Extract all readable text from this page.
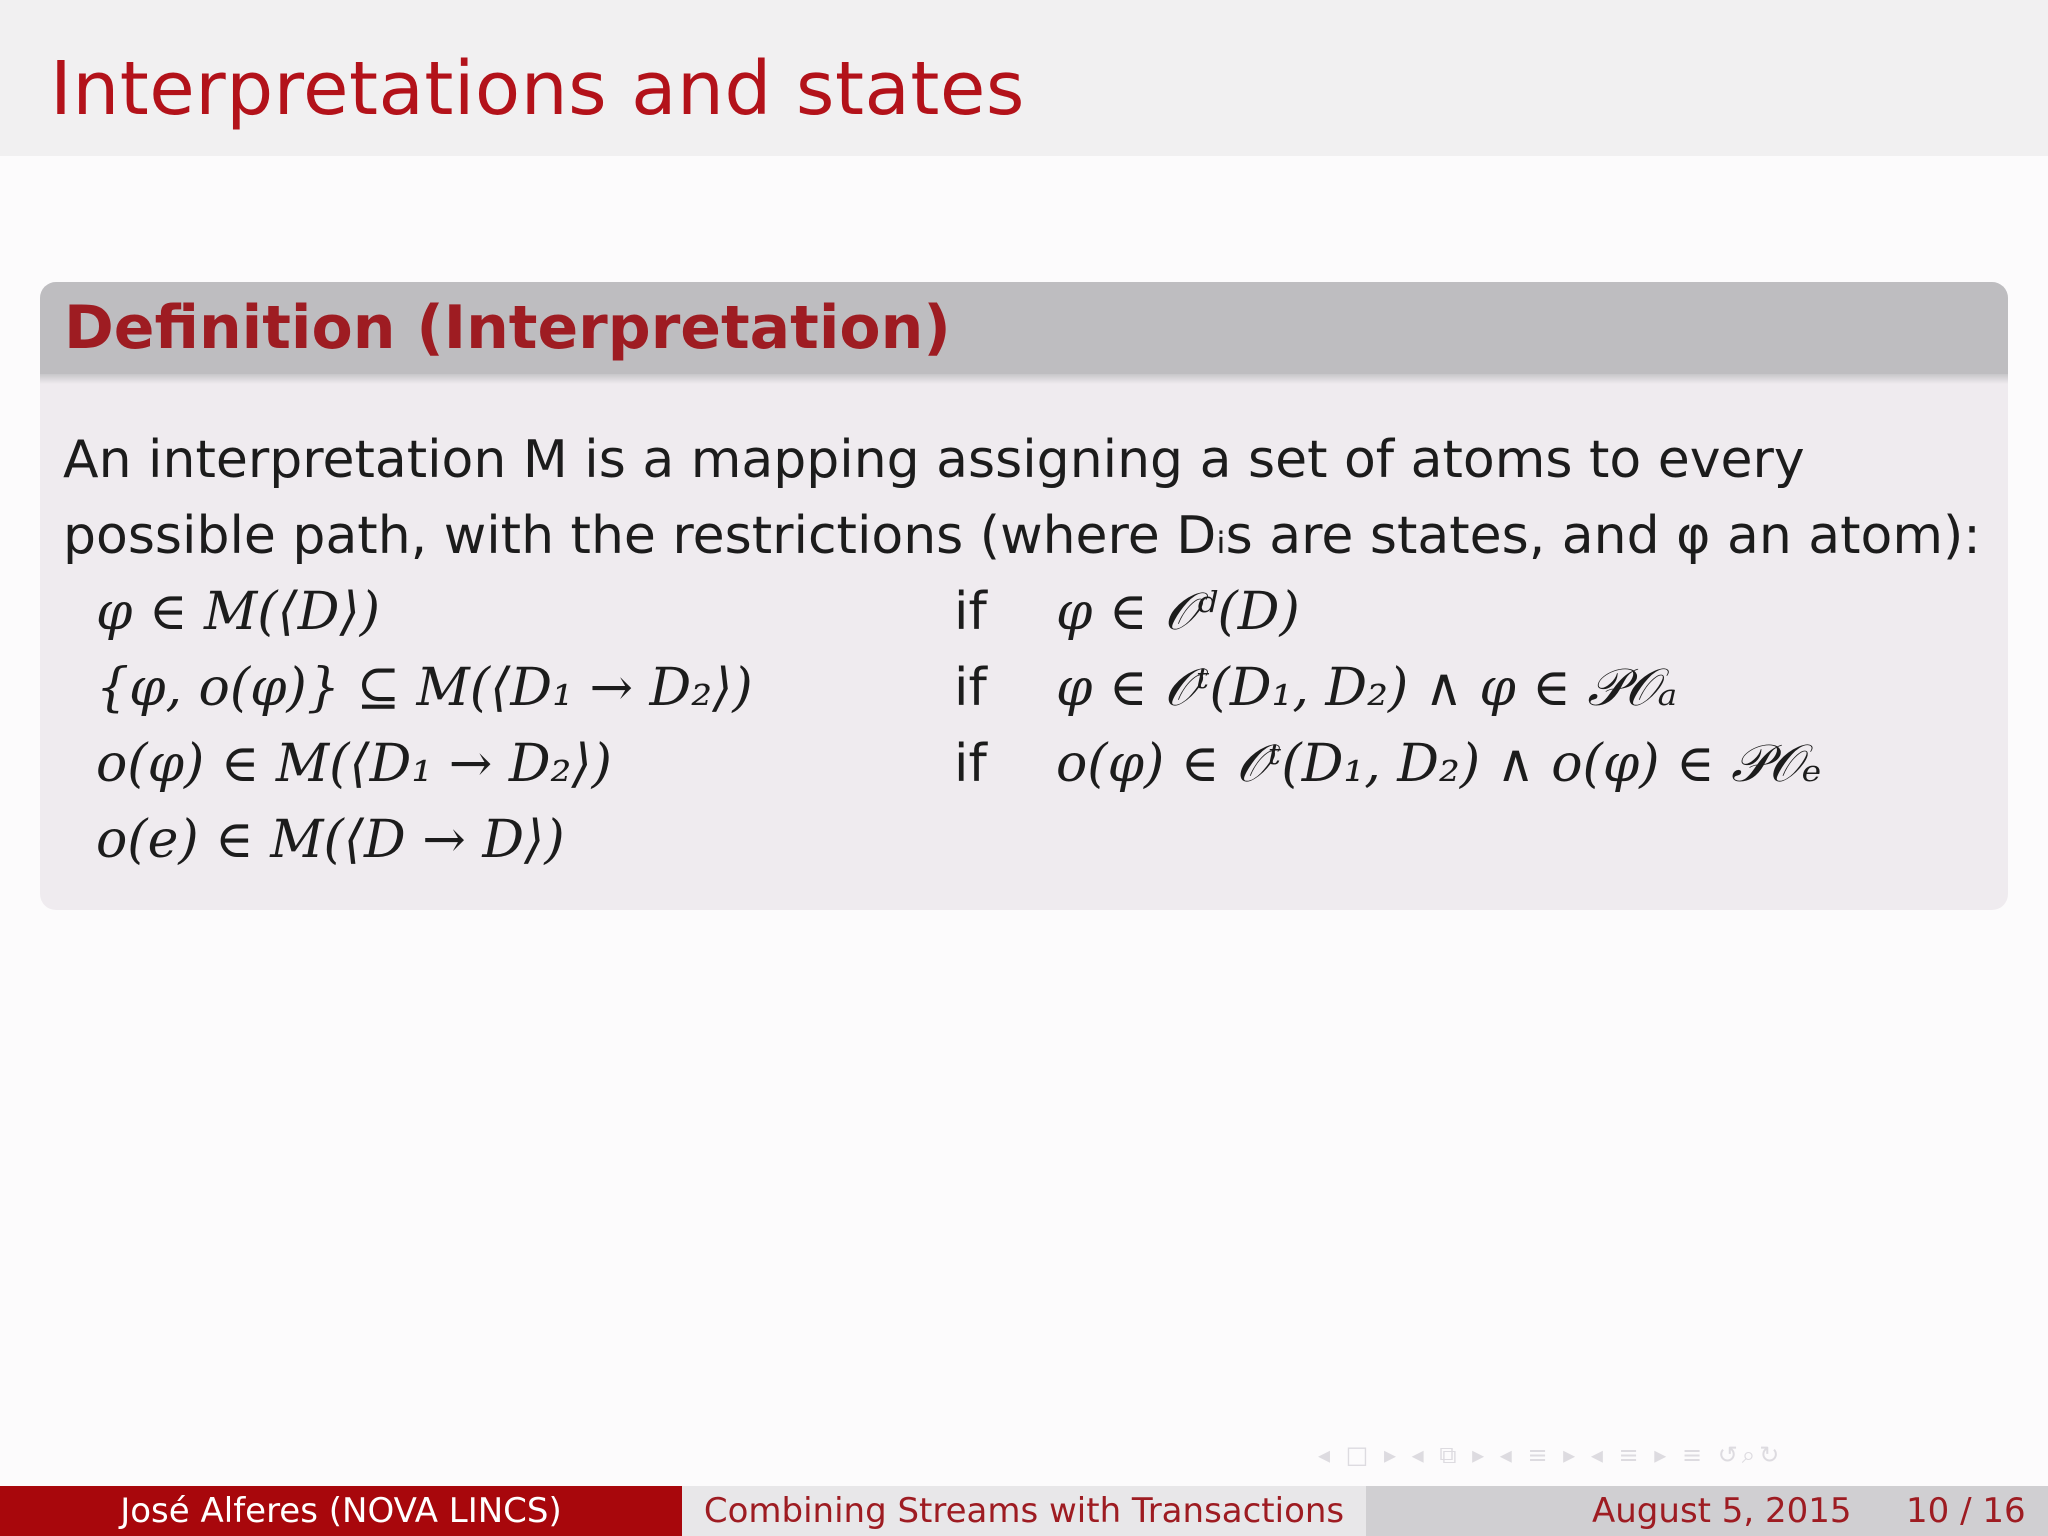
Interpretations and states
Definition (Interpretation)
An interpretation M is a mapping assigning a set of atoms to every
possible path, with the restrictions (where Dᵢs are states, and φ an atom):
φ ∈ M(⟨D⟩)	if φ ∈ 𝒪ᵈ(D)
{φ, o(φ)} ⊆ M(⟨D₁ → D₂⟩)	if φ ∈ 𝒪ᵗ(D₁, D₂) ∧ φ ∈ 𝒫𝒪ₐ
o(φ) ∈ M(⟨D₁ → D₂⟩)	if o(φ) ∈ 𝒪ᵗ(D₁, D₂) ∧ o(φ) ∈ 𝒫𝒪ₑ
o(e) ∈ M(⟨D → D⟩)
◂ □ ▸ ◂ ⧉ ▸ ◂ ≡ ▸ ◂ ≡ ▸ ≡ ↺⌕↻
José Alferes (NOVA LINCS)	Combining Streams with Transactions	August 5, 2015 10 / 16
